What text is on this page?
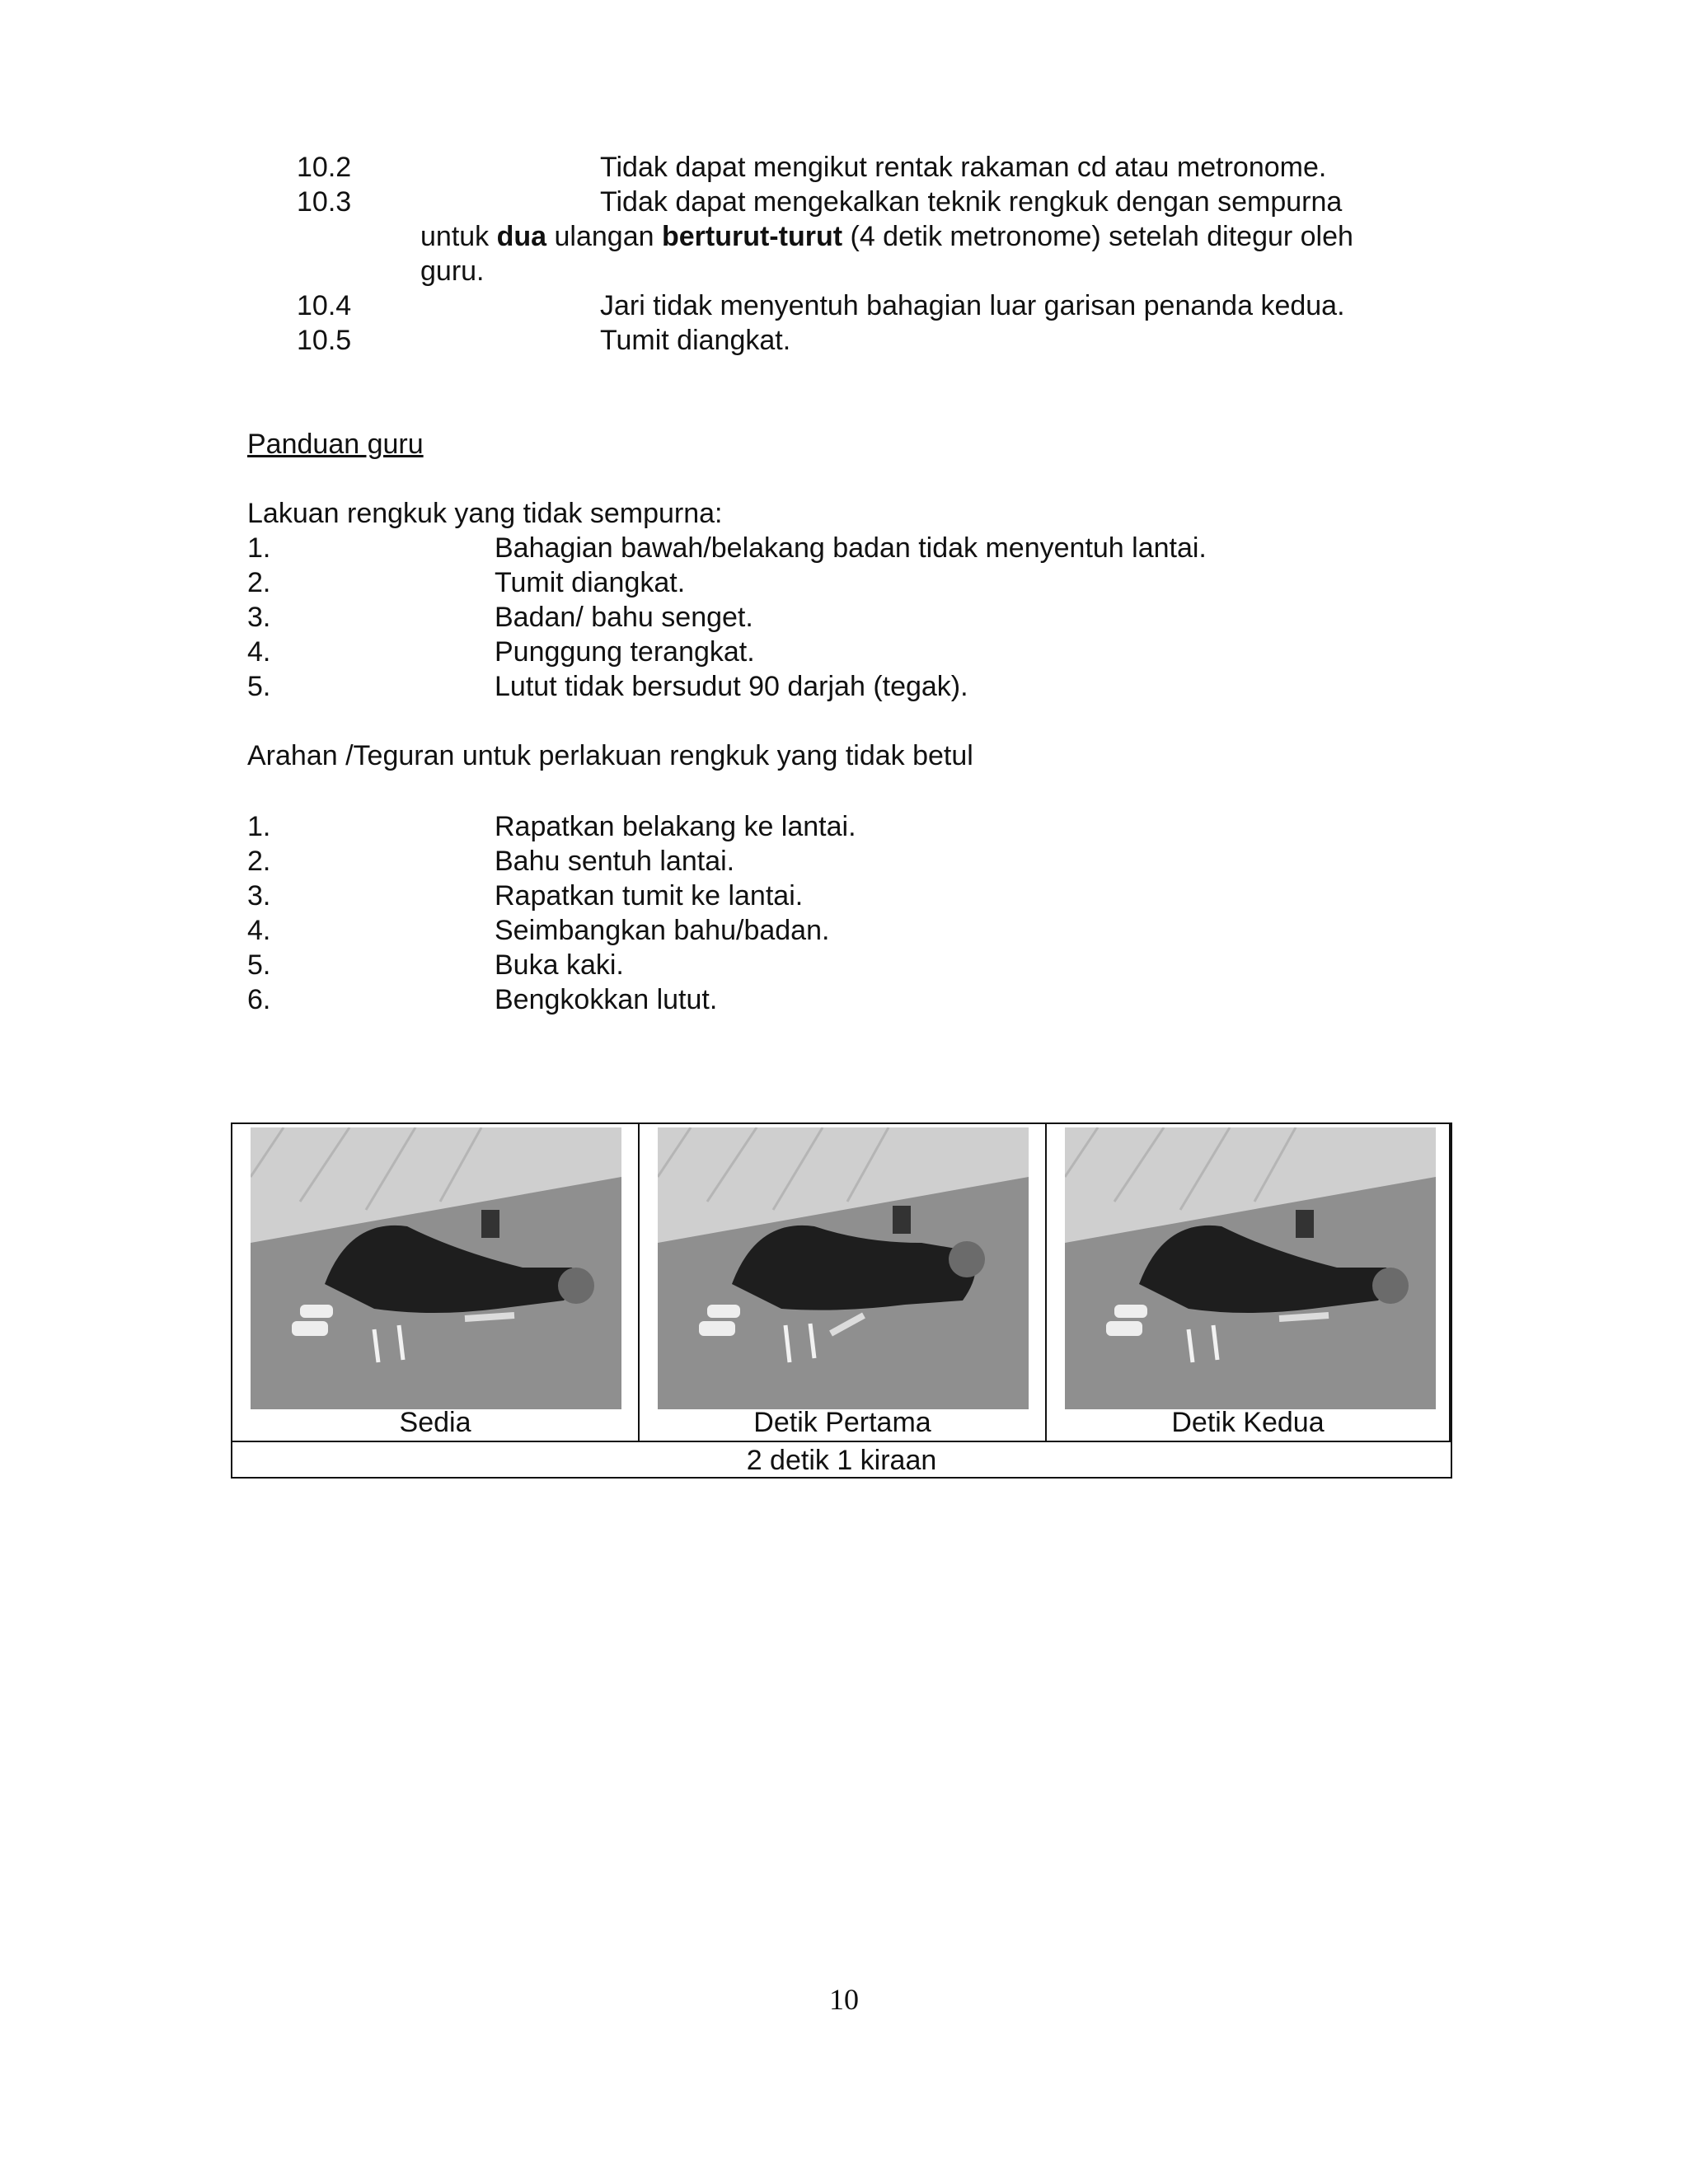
10.2	Tidak dapat mengikut rentak rakaman cd atau metronome.
10.3	Tidak dapat mengekalkan teknik rengkuk dengan sempurna
untuk dua ulangan berturut-turut (4 detik metronome) setelah ditegur oleh
guru.
10.4	Jari tidak menyentuh bahagian luar garisan penanda kedua.
10.5	Tumit diangkat.
Panduan guru
Lakuan rengkuk yang tidak sempurna:
1.	Bahagian bawah/belakang badan tidak menyentuh lantai.
2.	Tumit diangkat.
3.	Badan/ bahu senget.
4.	Punggung terangkat.
5.	Lutut tidak bersudut 90 darjah (tegak).
Arahan /Teguran untuk perlakuan rengkuk yang tidak betul
1.	Rapatkan belakang ke lantai.
2.	Bahu sentuh lantai.
3.	Rapatkan tumit ke lantai.
4.	Seimbangkan bahu/badan.
5.	Buka kaki.
6.	Bengkokkan lutut.
Sedia	Detik Pertama	Detik Kedua
2 detik 1 kiraan
10
